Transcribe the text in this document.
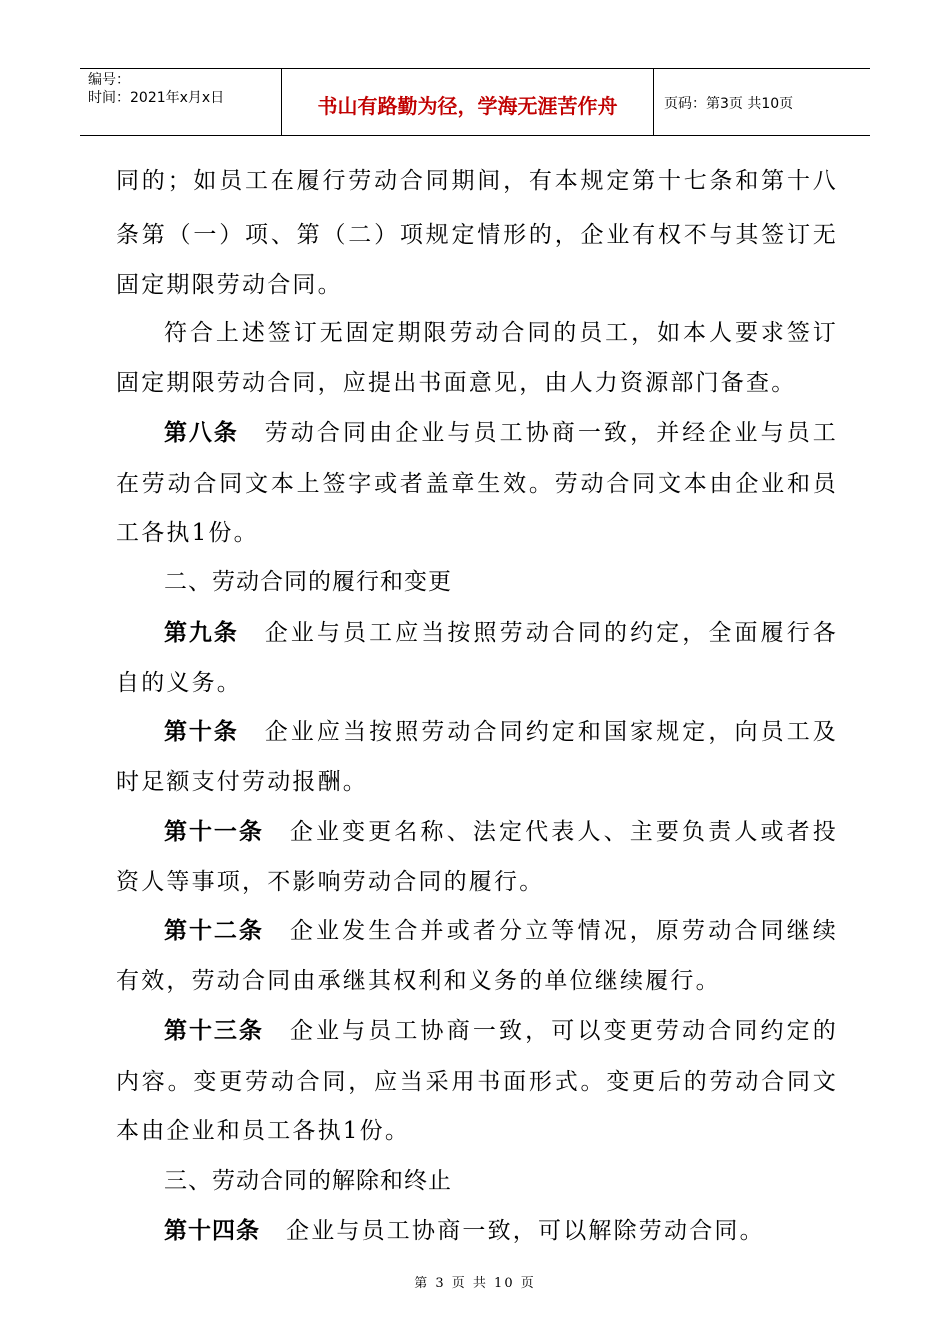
编号：
时间：2021年x月x日	书山有路勤为径，学海无涯苦作舟	页码：第3页 共10页
同的；如员工在履行劳动合同期间，有本规定第十七条和第十八
条第（一）项、第（二）项规定情形的，企业有权不与其签订无
固定期限劳动合同。
符合上述签订无固定期限劳动合同的员工，如本人要求签订
固定期限劳动合同，应提出书面意见，由人力资源部门备查。
第八条 劳动合同由企业与员工协商一致，并经企业与员工
在劳动合同文本上签字或者盖章生效。劳动合同文本由企业和员
工各执1份。
二、劳动合同的履行和变更
第九条 企业与员工应当按照劳动合同的约定，全面履行各
自的义务。
第十条 企业应当按照劳动合同约定和国家规定，向员工及
时足额支付劳动报酬。
第十一条 企业变更名称、法定代表人、主要负责人或者投
资人等事项，不影响劳动合同的履行。
第十二条 企业发生合并或者分立等情况，原劳动合同继续
有效，劳动合同由承继其权利和义务的单位继续履行。
第十三条 企业与员工协商一致，可以变更劳动合同约定的
内容。变更劳动合同，应当采用书面形式。变更后的劳动合同文
本由企业和员工各执1份。
三、劳动合同的解除和终止
第十四条 企业与员工协商一致，可以解除劳动合同。
第 3 页 共 10 页
